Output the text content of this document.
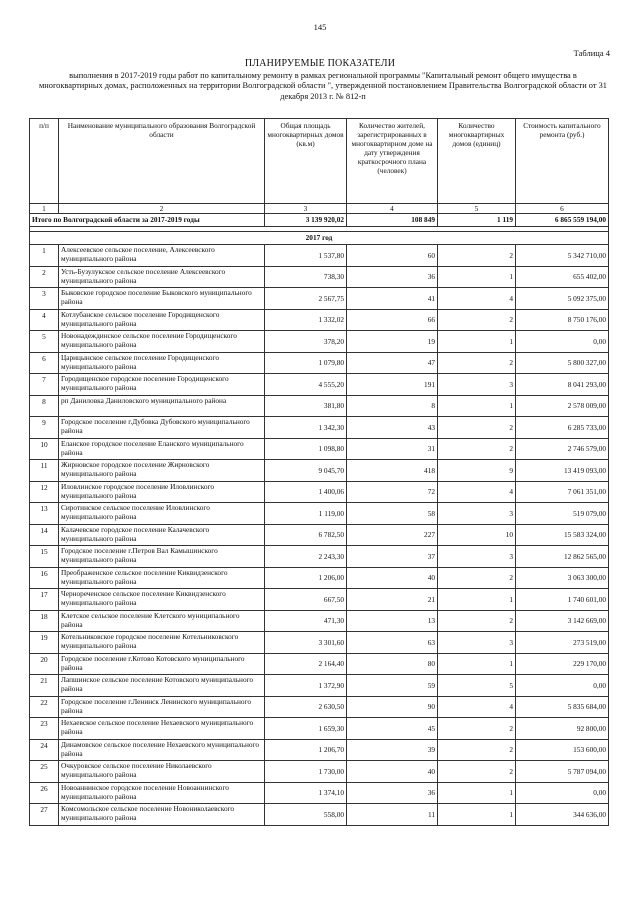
145
Таблица 4
ПЛАНИРУЕМЫЕ ПОКАЗАТЕЛИ
выполнения в 2017-2019 годы работ по капитальному ремонту в рамках региональной программы "Капитальный ремонт общего имущества в многоквартирных домах, расположенных на территории Волгоградской области ", утвержденной постановлением Правительства Волгоградской области от 31 декабря 2013 г. № 812-п
п/п	Наименование муниципального образования Волгоградской области	Общая площадь многоквартирных домов (кв.м)	Количество жителей, зарегистрированных в многоквартирном доме на дату утверждения краткосрочного плана (человек)	Количество многоквартирных домов (единиц)	Стоимость капитального ремонта (руб.)
1	2	3	4	5	6
Итого по Волгоградской области за 2017-2019 годы		3 139 920,02	108 849	1 119	6 865 559 194,00

2017 год					
1	Алексеевское сельское поселение, Алексеевского муниципального района	1 537,80	60	2	5 342 710,00
2	Усть-Бузулукское сельское поселение Алексеевского муниципального района	738,30	36	1	655 402,00
3	Быковское городское поселение Быковского муниципального района	2 567,75	41	4	5 092 375,00
4	Котлубанское сельское поселение Городищенского муниципального района	1 332,02	66	2	8 750 176,00
5	Новонадеждинское сельское поселение Городищенского муниципального района	378,20	19	1	0,00
6	Царицынское сельское поселение Городищенского муниципального района	1 079,80	47	2	5 800 327,00
7	Городищенское городское поселение Городищенского муниципального района	4 555,20	191	3	8 041 293,00
8	рп Даниловка Даниловского муниципального района	381,80	8	1	2 578 009,00
9	Городское поселение г.Дубовка Дубовского муниципального района	1 342,30	43	2	6 285 733,00
10	Еланское городское поселение Еланского муниципального района	1 098,80	31	2	2 746 579,00
11	Жирновское городское поселение Жирновского муниципального района	9 045,70	418	9	13 419 093,00
12	Иловлинское городское поселение Иловлинского муниципального района	1 400,06	72	4	7 061 351,00
13	Сиротинское сельское поселение Иловлинского муниципального района	1 119,00	58	3	519 079,00
14	Калачевское городское поселение Калачевского муниципального района	6 782,50	227	10	15 583 324,00
15	Городское поселение г.Петров Вал Камышинского муниципального района	2 243,30	37	3	12 862 565,00
16	Преображенское сельское поселение Киквидзенского муниципального района	1 206,00	40	2	3 063 300,00
17	Чернореченское сельское поселение Киквидзенского муниципального района	667,50	21	1	1 740 601,00
18	Клетское сельское поселение Клетского муниципального района	471,30	13	2	3 142 669,00
19	Котельниковское городское поселение Котельниковского муниципального района	3 301,60	63	3	273 519,00
20	Городское поселение г.Котово Котовского муниципального района	2 164,40	80	1	229 170,00
21	Лапшинское сельское поселение Котовского муниципального района	1 372,90	59	5	0,00
22	Городское поселение г.Ленинск Ленинского муниципального района	2 630,50	90	4	5 835 684,00
23	Нехаевское сельское поселение Нехаевского муниципального района	1 659,30	45	2	92 800,00
24	Динамовское сельское поселение Нехаевского муниципального района	1 206,70	39	2	153 600,00
25	Очкуровское сельское поселение Николаевского муниципального района	1 730,00	40	2	5 787 094,00
26	Новоаннинское городское поселение Новоаннинского муниципального района	1 374,10	36	1	0,00
27	Комсомольское сельское поселение Новониколаевского муниципального района	558,00	11	1	344 636,00
